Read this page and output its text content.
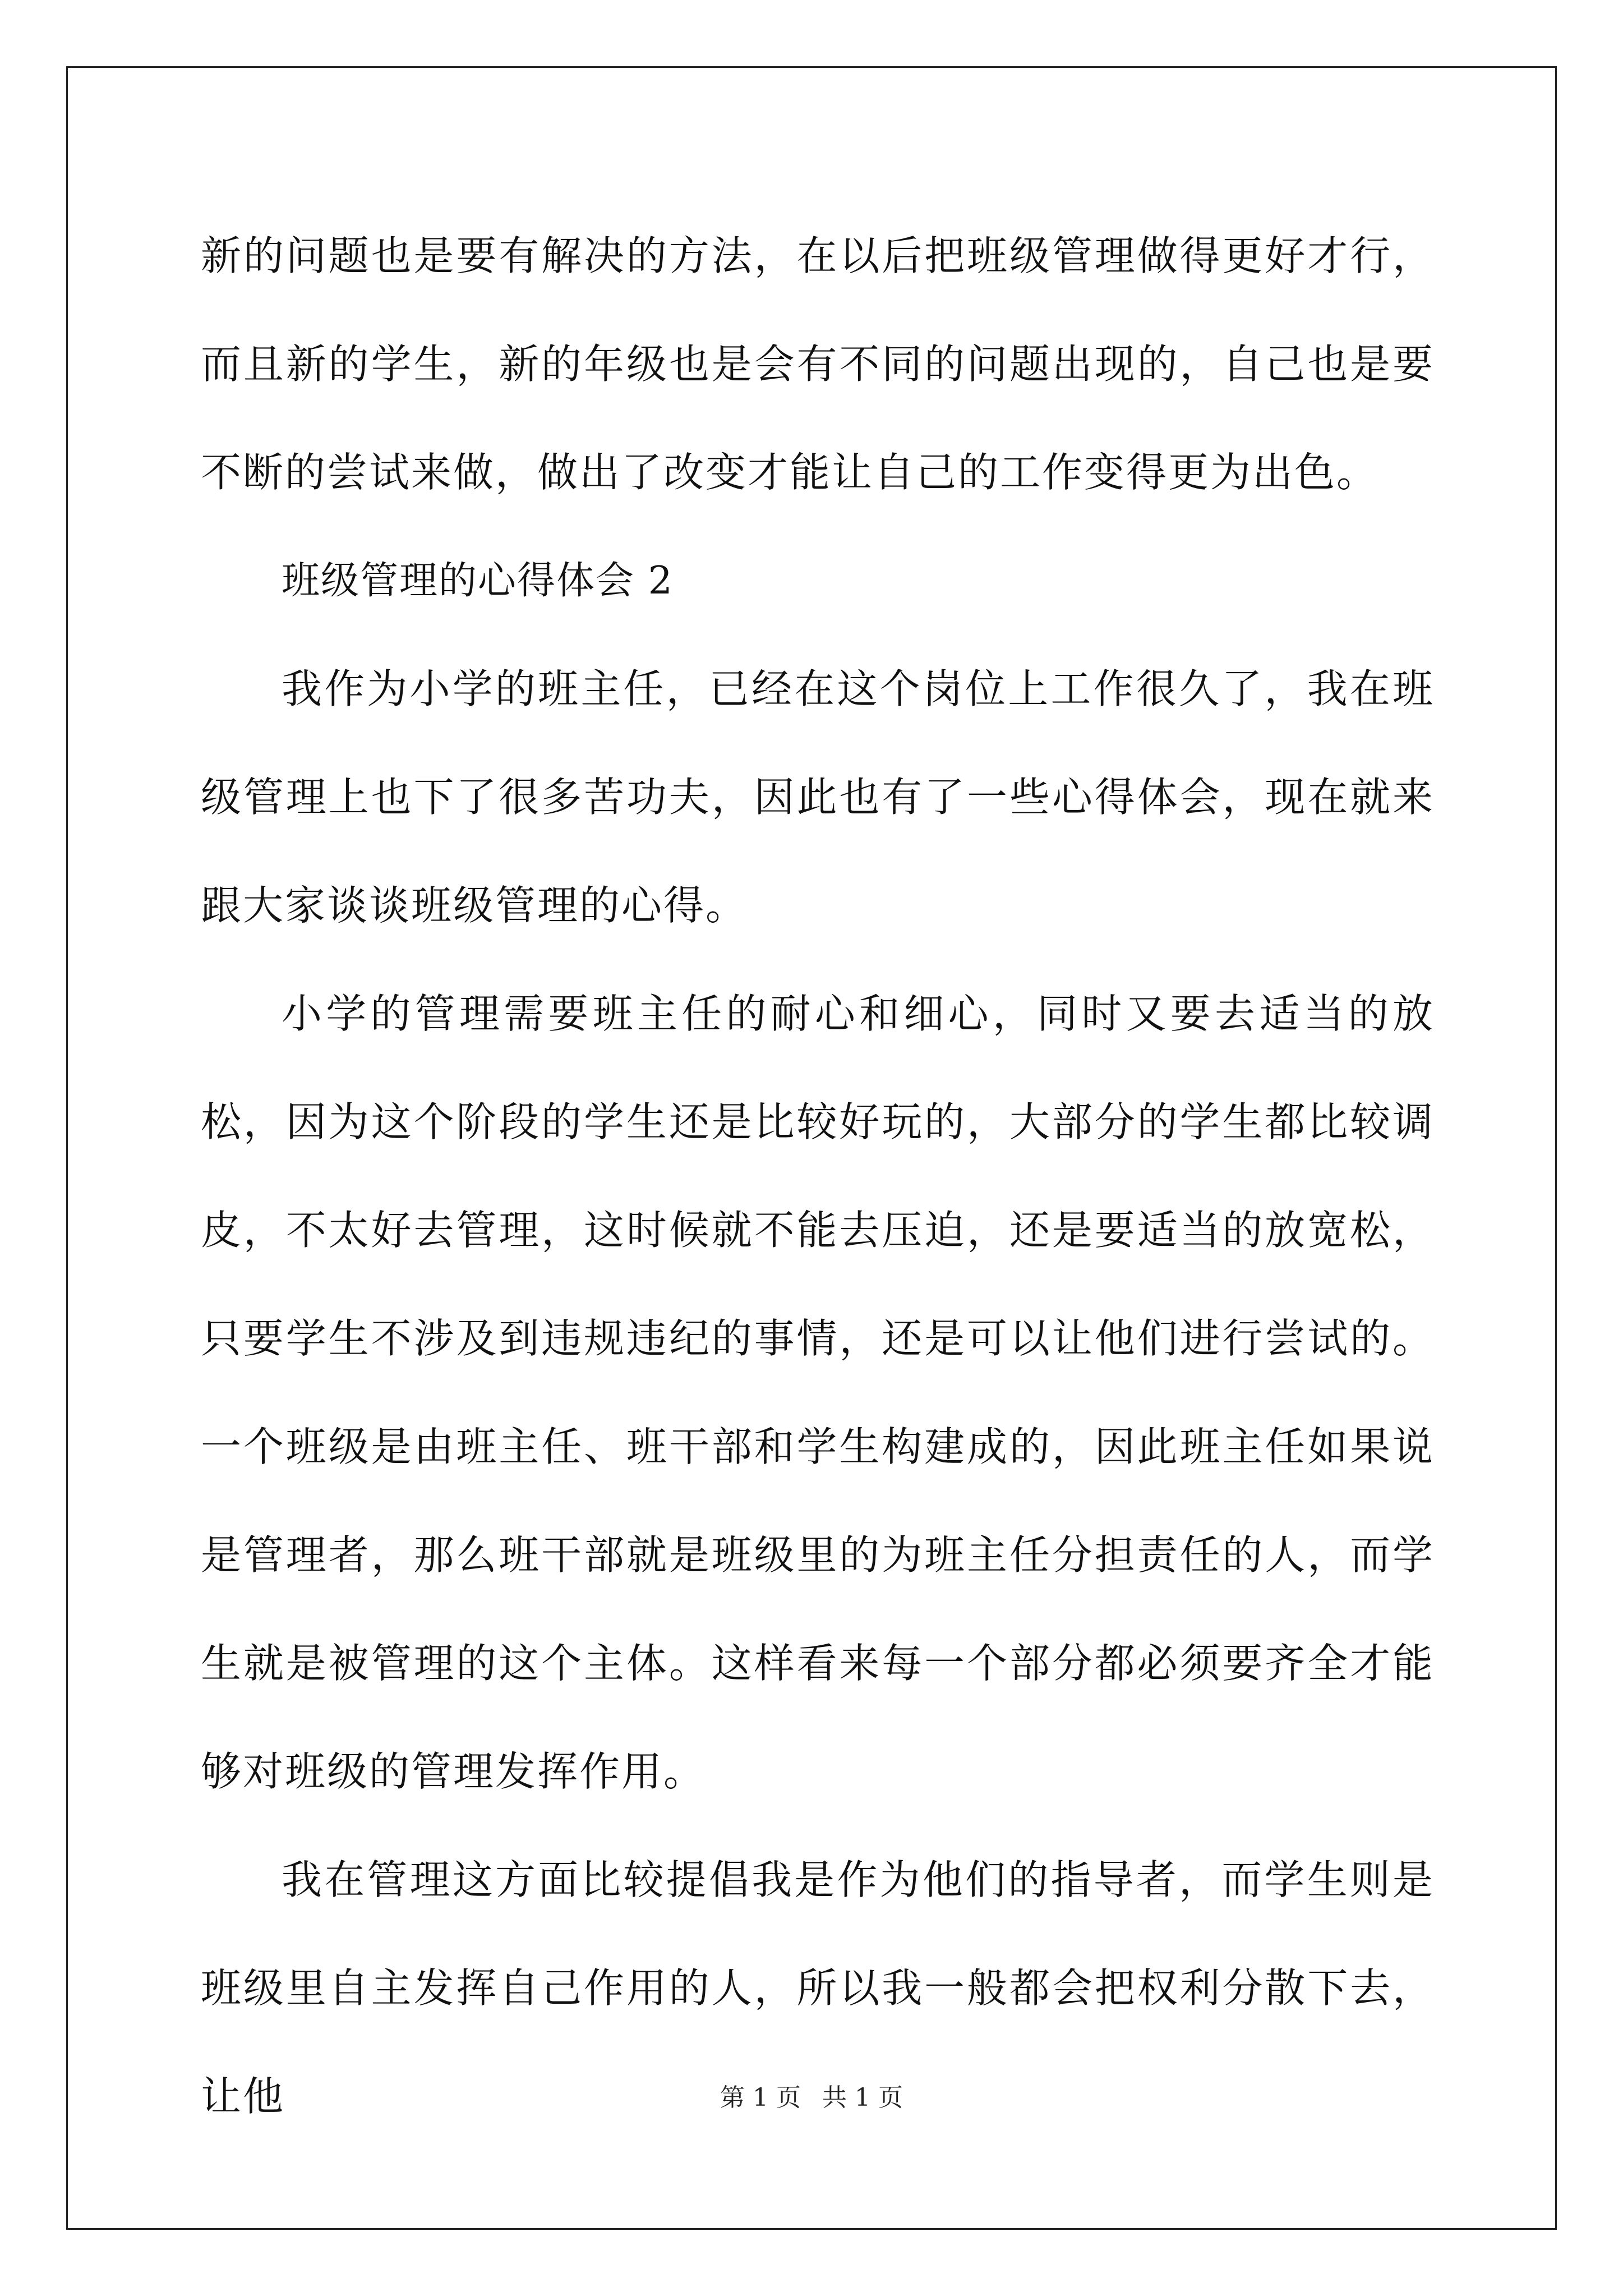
新的问题也是要有解决的方法，在以后把班级管理做得更好才行，而且新的学生，新的年级也是会有不同的问题出现的，自己也是要不断的尝试来做，做出了改变才能让自己的工作变得更为出色。

班级管理的心得体会 2

我作为小学的班主任，已经在这个岗位上工作很久了，我在班级管理上也下了很多苦功夫，因此也有了一些心得体会，现在就来跟大家谈谈班级管理的心得。

小学的管理需要班主任的耐心和细心，同时又要去适当的放松，因为这个阶段的学生还是比较好玩的，大部分的学生都比较调皮，不太好去管理，这时候就不能去压迫，还是要适当的放宽松，只要学生不涉及到违规违纪的事情，还是可以让他们进行尝试的。一个班级是由班主任、班干部和学生构建成的，因此班主任如果说是管理者，那么班干部就是班级里的为班主任分担责任的人，而学生就是被管理的这个主体。这样看来每一个部分都必须要齐全才能够对班级的管理发挥作用。

我在管理这方面比较提倡我是作为他们的指导者，而学生则是班级里自主发挥自己作用的人，所以我一般都会把权利分散下去，让他	第 1 页 共 1 页
